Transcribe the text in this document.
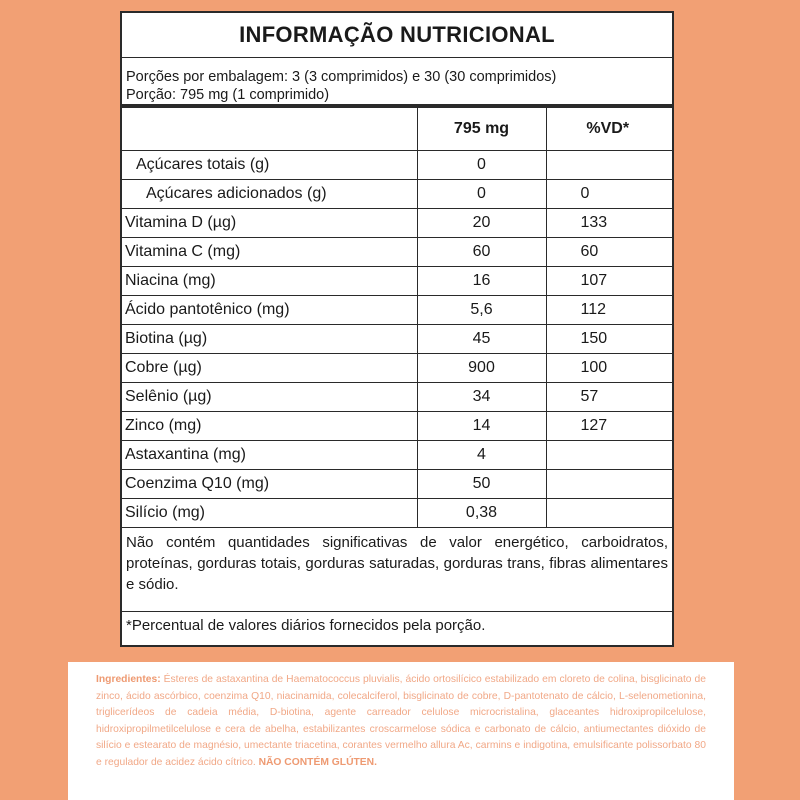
INFORMAÇÃO NUTRICIONAL
Porções por embalagem: 3 (3 comprimidos) e 30 (30 comprimidos)
Porção: 795 mg (1 comprimido)
	795 mg	%VD*
Açúcares totais (g)	0	
Açúcares adicionados (g)	0	0
Vitamina D (µg)	20	133
Vitamina C (mg)	60	60
Niacina (mg)	16	107
Ácido pantotênico (mg)	5,6	112
Biotina (µg)	45	150
Cobre (µg)	900	100
Selênio (µg)	34	57
Zinco (mg)	14	127
Astaxantina (mg)	4	
Coenzima Q10 (mg)	50	
Silício (mg)	0,38	
Não contém quantidades significativas de valor energético, carboidratos, proteínas, gorduras totais, gorduras saturadas, gorduras trans, fibras alimentares e sódio.
*Percentual de valores diários fornecidos pela porção.
Ingredientes: Ésteres de astaxantina de Haematococcus pluvialis, ácido ortosilícico estabilizado em cloreto de colina, bisglicinato de zinco, ácido ascórbico, coenzima Q10, niacinamida, colecalciferol, bisglicinato de cobre, D-pantotenato de cálcio, L-selenometionina, triglicerídeos de cadeia média, D-biotina, agente carreador celulose microcristalina, glaceantes hidroxipropilcelulose, hidroxipropilmetilcelulose e cera de abelha, estabilizantes croscarmelose sódica e carbonato de cálcio, antiumectantes dióxido de silício e estearato de magnésio, umectante triacetina, corantes vermelho allura Ac, carmins e indigotina, emulsificante polissorbato 80 e regulador de acidez ácido cítrico. NÃO CONTÉM GLÚTEN.
